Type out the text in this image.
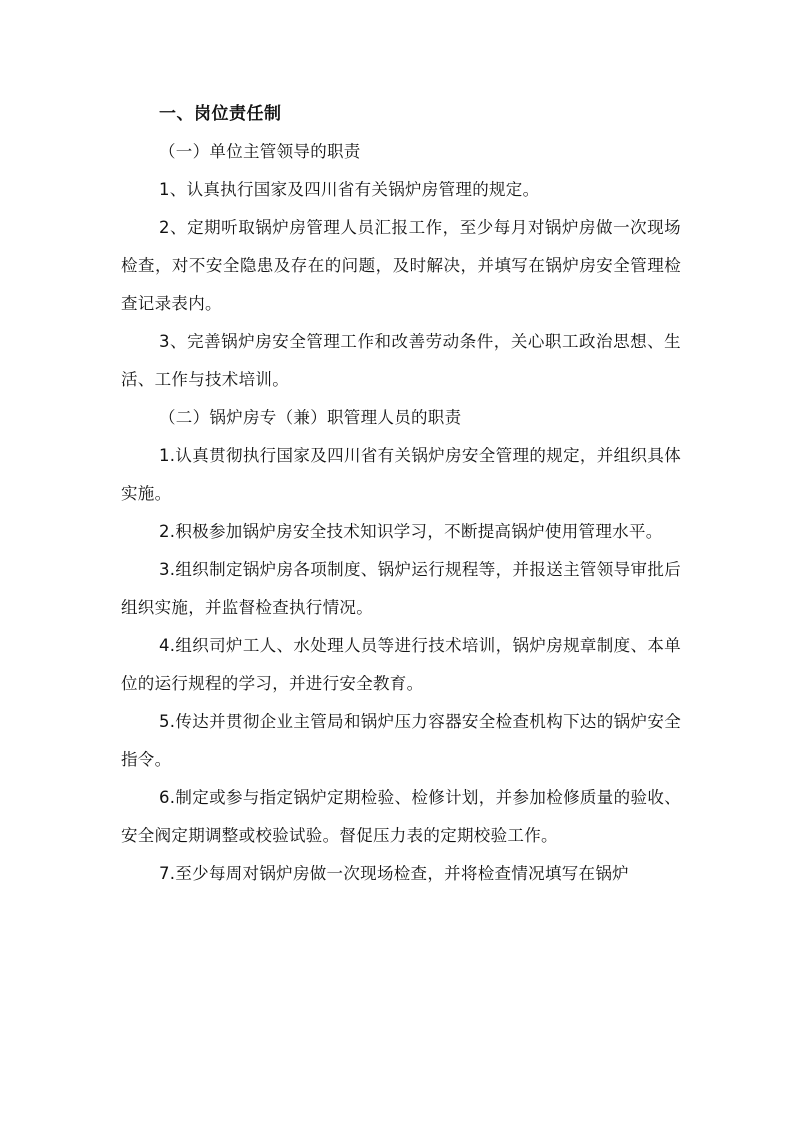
一、岗位责任制

（一）单位主管领导的职责

1、认真执行国家及四川省有关锅炉房管理的规定。

2、定期听取锅炉房管理人员汇报工作，至少每月对锅炉房做一次现场检查，对不安全隐患及存在的问题，及时解决，并填写在锅炉房安全管理检查记录表内。

3、完善锅炉房安全管理工作和改善劳动条件，关心职工政治思想、生活、工作与技术培训。

（二）锅炉房专（兼）职管理人员的职责

1.认真贯彻执行国家及四川省有关锅炉房安全管理的规定，并组织具体实施。

2.积极参加锅炉房安全技术知识学习，不断提高锅炉使用管理水平。

3.组织制定锅炉房各项制度、锅炉运行规程等，并报送主管领导审批后组织实施，并监督检查执行情况。

4.组织司炉工人、水处理人员等进行技术培训，锅炉房规章制度、本单位的运行规程的学习，并进行安全教育。

5.传达并贯彻企业主管局和锅炉压力容器安全检查机构下达的锅炉安全指令。

6.制定或参与指定锅炉定期检验、检修计划，并参加检修质量的验收、安全阀定期调整或校验试验。督促压力表的定期校验工作。

7.至少每周对锅炉房做一次现场检查，并将检查情况填写在锅炉
